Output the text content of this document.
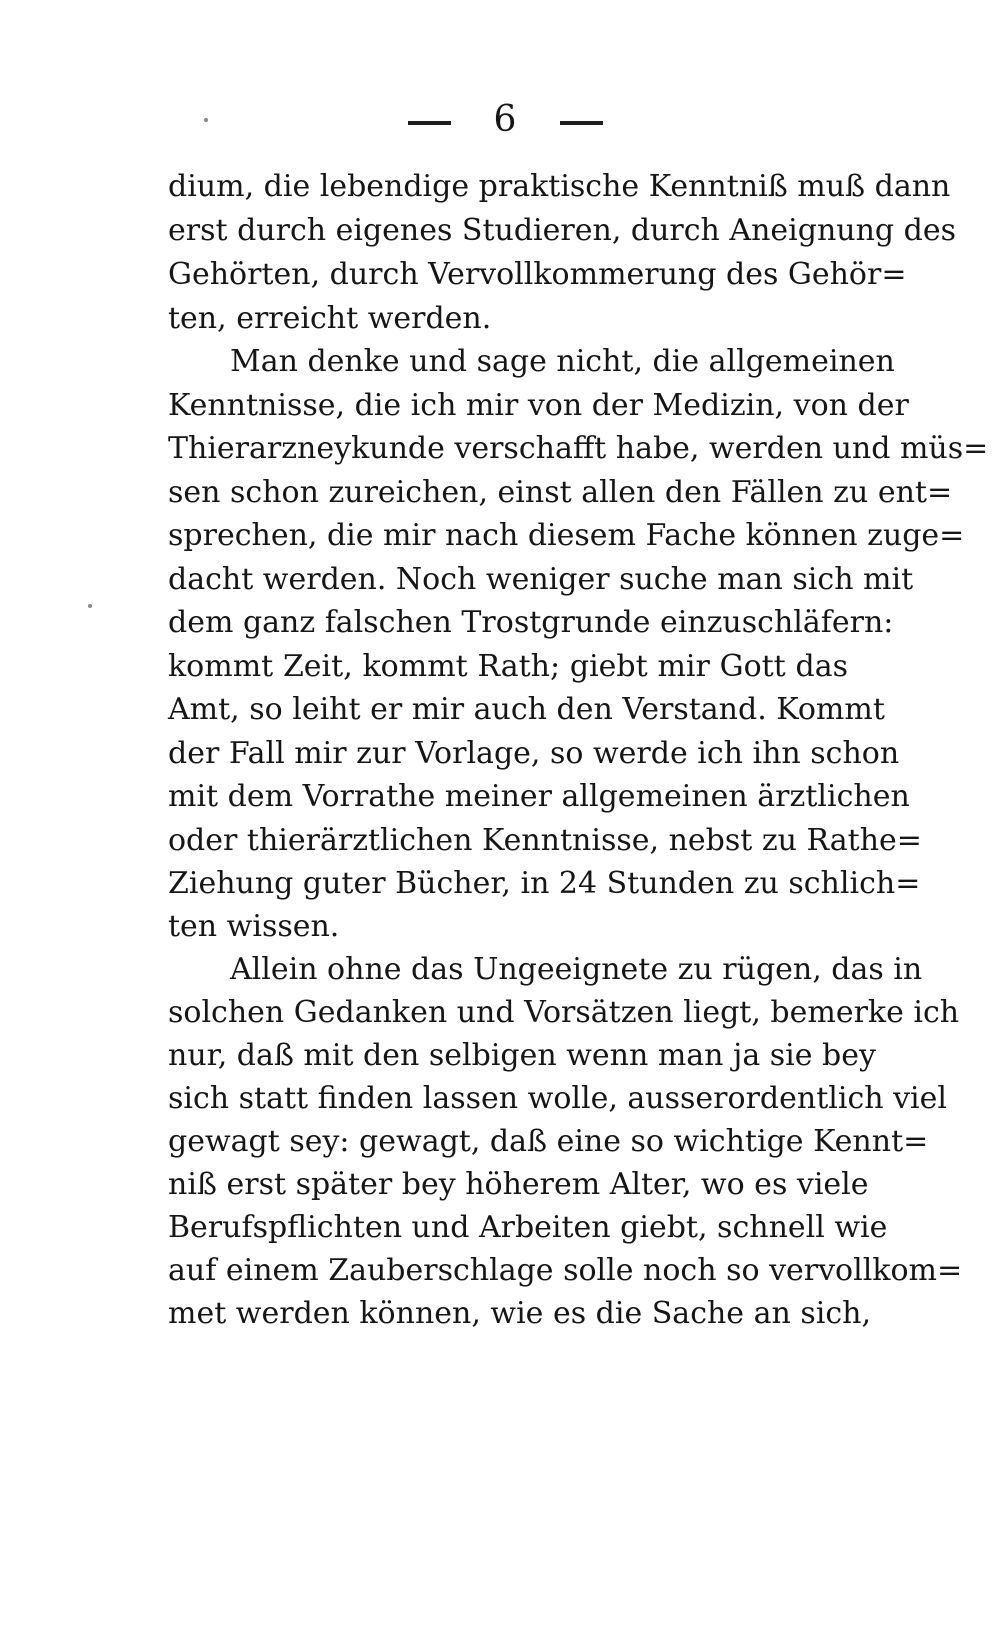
6
dium, die lebendige praktische Kenntniß muß dann
erst durch eigenes Studieren, durch Aneignung des
Gehörten, durch Vervollkommerung des Gehör=
ten, erreicht werden.
Man denke und sage nicht, die allgemeinen
Kenntnisse, die ich mir von der Medizin, von der
Thierarzneykunde verschafft habe, werden und müs=
sen schon zureichen, einst allen den Fällen zu ent=
sprechen, die mir nach diesem Fache können zuge=
dacht werden. Noch weniger suche man sich mit
dem ganz falschen Trostgrunde einzuschläfern:
kommt Zeit, kommt Rath; giebt mir Gott das
Amt, so leiht er mir auch den Verstand. Kommt
der Fall mir zur Vorlage, so werde ich ihn schon
mit dem Vorrathe meiner allgemeinen ärztlichen
oder thierärztlichen Kenntnisse, nebst zu Rathe=
Ziehung guter Bücher, in 24 Stunden zu schlich=
ten wissen.
Allein ohne das Ungeeignete zu rügen, das in
solchen Gedanken und Vorsätzen liegt, bemerke ich
nur, daß mit den selbigen wenn man ja sie bey
sich statt finden lassen wolle, ausserordentlich viel
gewagt sey: gewagt, daß eine so wichtige Kennt=
niß erst später bey höherem Alter, wo es viele
Berufspflichten und Arbeiten giebt, schnell wie
auf einem Zauberschlage solle noch so vervollkom=
met werden können, wie es die Sache an sich,
